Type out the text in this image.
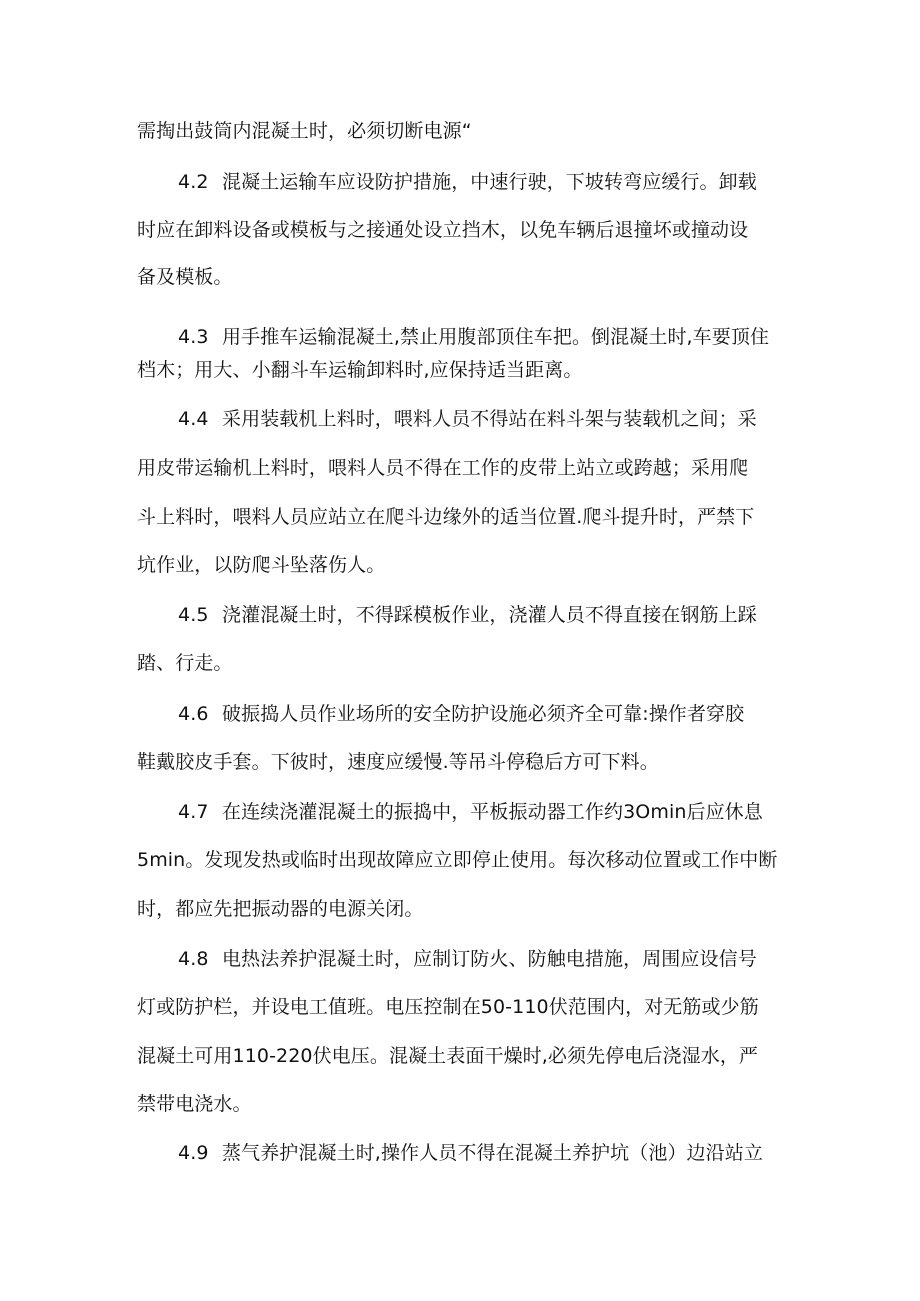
需掏出鼓筒内混凝土时，必须切断电源“
4.2 混凝土运输车应设防护措施，中速行驶，下坡转弯应缓行。卸载
时应在卸料设备或模板与之接通处设立挡木，以免车辆后退撞坏或撞动设
备及模板。
4.3 用手推车运输混凝土,禁止用腹部顶住车把。倒混凝土时,车要顶住
档木；用大、小翻斗车运输卸料时,应保持适当距离。
4.4 采用装载机上料时，喂料人员不得站在料斗架与装载机之间；采
用皮带运输机上料时，喂料人员不得在工作的皮带上站立或跨越；采用爬
斗上料时，喂料人员应站立在爬斗边缘外的适当位置.爬斗提升时，严禁下
坑作业，以防爬斗坠落伤人。
4.5 浇灌混凝土时，不得踩模板作业，浇灌人员不得直接在钢筋上踩
踏、行走。
4.6 破振捣人员作业场所的安全防护设施必须齐全可靠:操作者穿胶
鞋戴胶皮手套。下彼时，速度应缓慢.等吊斗停稳后方可下料。
4.7 在连续浇灌混凝土的振捣中，平板振动器工作约3Omin后应休息
5min。发现发热或临时出现故障应立即停止使用。每次移动位置或工作中断
时，都应先把振动器的电源关闭。
4.8 电热法养护混凝土时，应制订防火、防触电措施，周围应设信号
灯或防护栏，并设电工值班。电压控制在50-110伏范围内，对无筋或少筋
混凝土可用110-220伏电压。混凝土表面干燥时,必须先停电后浇湿水，严
禁带电浇水。
4.9 蒸气养护混凝土时,操作人员不得在混凝土养护坑（池）边沿站立
